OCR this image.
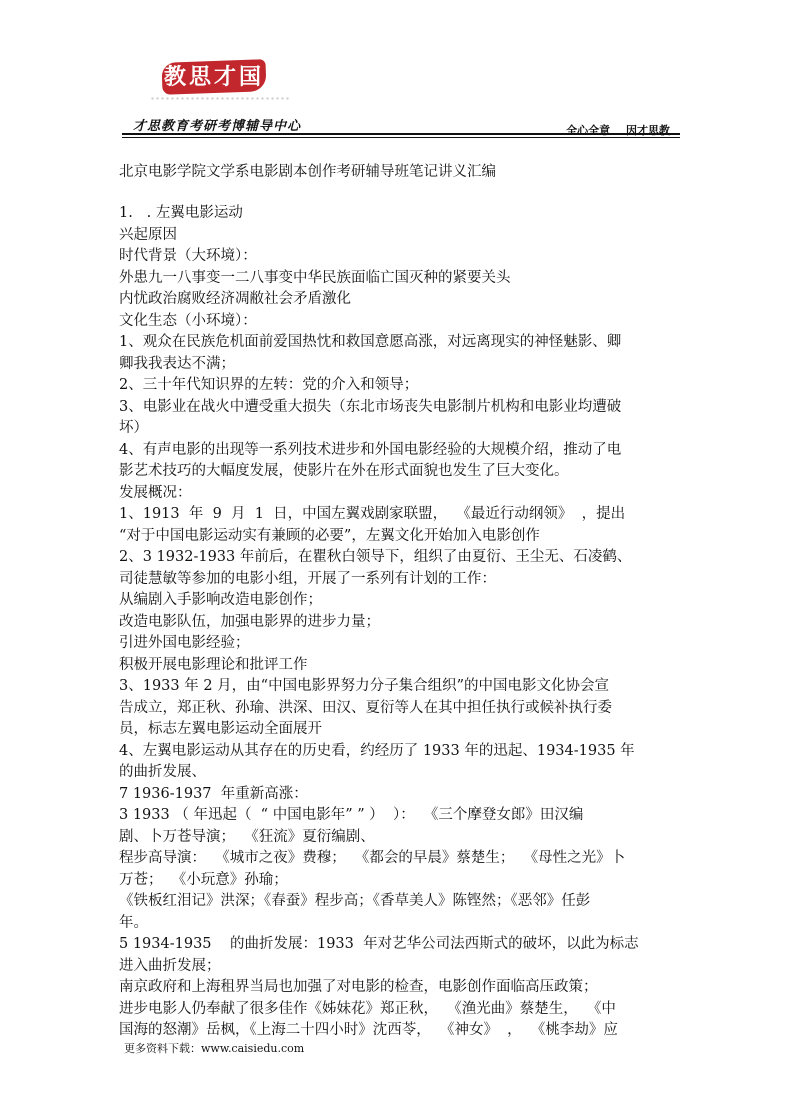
教思才国
才思教育考研考博辅导中心	全心全意 因才思教
北京电影学院文学系电影剧本创作考研辅导班笔记讲义汇编
1.   . 左翼电影运动
兴起原因
时代背景（大环境）：
外患九一八事变一二八事变中华民族面临亡国灭种的紧要关头
内忧政治腐败经济凋敝社会矛盾激化
文化生态（小环境）：
1、观众在民族危机面前爱国热忱和救国意愿高涨，对远离现实的神怪魅影、卿
卿我我表达不满；
2、三十年代知识界的左转：党的介入和领导；
3、电影业在战火中遭受重大损失（东北市场丧失电影制片机构和电影业均遭破
坏）
4、有声电影的出现等一系列技术进步和外国电影经验的大规模介绍，推动了电
影艺术技巧的大幅度发展，使影片在外在形式面貌也发生了巨大变化。
发展概况：
1、1913  年  9  月  1  日，中国左翼戏剧家联盟，  《最近行动纲领》  ，提出
“对于中国电影运动实有兼顾的必要”，左翼文化开始加入电影创作
2、3 1932-1933 年前后，在瞿秋白领导下，组织了由夏衍、王尘无、石凌鹤、
司徒慧敏等参加的电影小组，开展了一系列有计划的工作：
从编剧入手影响改造电影创作；
改造电影队伍，加强电影界的进步力量；
引进外国电影经验；
积极开展电影理论和批评工作
3、1933 年 2 月，由“中国电影界努力分子集合组织”的中国电影文化协会宣
告成立，郑正秋、孙瑜、洪深、田汉、夏衍等人在其中担任执行或候补执行委
员，标志左翼电影运动全面展开
4、左翼电影运动从其存在的历史看，约经历了 1933 年的迅起、1934-1935 年
的曲折发展、
7 1936-1937  年重新高涨：
3 1933 （ 年迅起（  “ 中国电影年” ” ）  ）：  《三个摩登女郎》田汉编
剧、卜万苍导演；  《狂流》夏衍编剧、
程步高导演：  《城市之夜》费穆；  《都会的早晨》蔡楚生；  《母性之光》卜
万苍；  《小玩意》孙瑜；
《铁板红泪记》洪深；《春蚕》程步高；《香草美人》陈铿然；《恶邻》任彭
年。
5 1934-1935    的曲折发展：1933  年对艺华公司法西斯式的破坏，以此为标志
进入曲折发展；
南京政府和上海租界当局也加强了对电影的检查，电影创作面临高压政策；
进步电影人仍奉献了很多佳作《姊妹花》郑正秋，  《渔光曲》蔡楚生，  《中
国海的怒潮》岳枫，《上海二十四小时》沈西苓，  《神女》  ，  《桃李劫》应
更多资料下载：www.caisiedu.com
